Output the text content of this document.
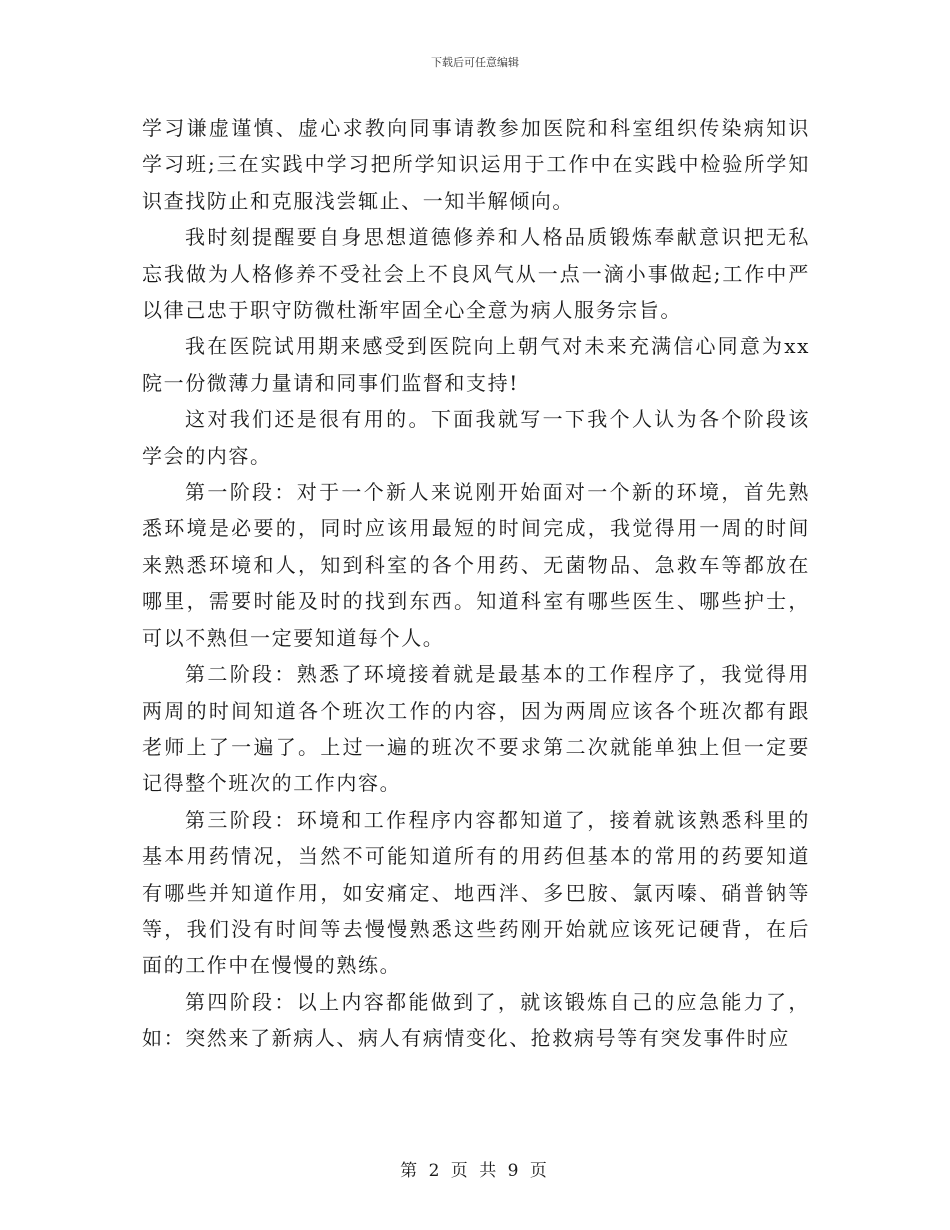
下载后可任意编辑

学习谦虚谨慎、虚心求教向同事请教参加医院和科室组织传染病知识学习班;三在实践中学习把所学知识运用于工作中在实践中检验所学知识查找防止和克服浅尝辄止、一知半解倾向。

我时刻提醒要自身思想道德修养和人格品质锻炼奉献意识把无私忘我做为人格修养不受社会上不良风气从一点一滴小事做起;工作中严以律己忠于职守防微杜渐牢固全心全意为病人服务宗旨。

我在医院试用期来感受到医院向上朝气对未来充满信心同意为xx院一份微薄力量请和同事们监督和支持!

这对我们还是很有用的。下面我就写一下我个人认为各个阶段该学会的内容。

第一阶段：对于一个新人来说刚开始面对一个新的环境，首先熟悉环境是必要的，同时应该用最短的时间完成，我觉得用一周的时间来熟悉环境和人，知到科室的各个用药、无菌物品、急救车等都放在哪里，需要时能及时的找到东西。知道科室有哪些医生、哪些护士，可以不熟但一定要知道每个人。

第二阶段：熟悉了环境接着就是最基本的工作程序了，我觉得用两周的时间知道各个班次工作的内容，因为两周应该各个班次都有跟老师上了一遍了。上过一遍的班次不要求第二次就能单独上但一定要记得整个班次的工作内容。

第三阶段：环境和工作程序内容都知道了，接着就该熟悉科里的基本用药情况，当然不可能知道所有的用药但基本的常用的药要知道有哪些并知道作用，如安痛定、地西泮、多巴胺、氯丙嗪、硝普钠等等，我们没有时间等去慢慢熟悉这些药刚开始就应该死记硬背，在后面的工作中在慢慢的熟练。

第四阶段：以上内容都能做到了，就该锻炼自己的应急能力了，如：突然来了新病人、病人有病情变化、抢救病号等有突发事件时应

第 2 页 共 9 页
